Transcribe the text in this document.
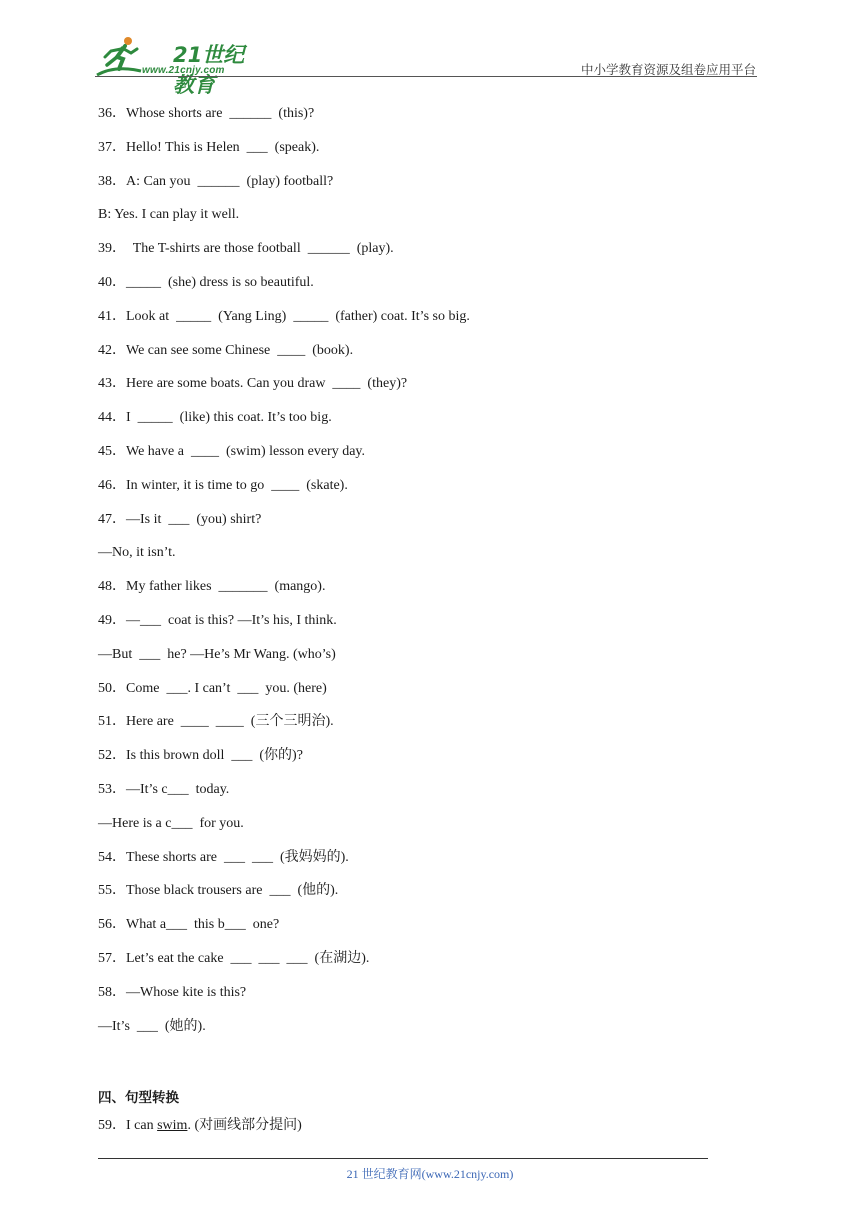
21世纪教育
www.21cnjy.com	中小学教育资源及组卷应用平台
36．Whose shorts are  ______  (this)?
37．Hello! This is Helen  ___  (speak).
38．A: Can you  ______  (play) football?
B: Yes. I can play it well.
39．  The T-shirts are those football  ______  (play).
40．_____  (she) dress is so beautiful.
41．Look at  _____  (Yang Ling)  _____  (father) coat. It’s so big.
42．We can see some Chinese  ____  (book).
43．Here are some boats. Can you draw  ____  (they)?
44．I  _____  (like) this coat. It’s too big.
45．We have a  ____  (swim) lesson every day.
46．In winter, it is time to go  ____  (skate).
47．—Is it  ___  (you) shirt?
—No, it isn’t.
48．My father likes  _______  (mango).
49．—___  coat is this? —It’s his, I think.
—But  ___  he? —He’s Mr Wang. (who’s)
50．Come  ___. I can’t  ___  you. (here)
51．Here are  ____  ____  (三个三明治).
52．Is this brown doll  ___  (你的)?
53．—It’s c___  today.
—Here is a c___  for you.
54．These shorts are  ___  ___  (我妈妈的).
55．Those black trousers are  ___  (他的).
56．What a___  this b___  one?
57．Let’s eat the cake  ___  ___  ___  (在湖边).
58．—Whose kite is this?
—It’s  ___  (她的).
四、句型转换
59．I can swim. (对画线部分提问)
21 世纪教育网(www.21cnjy.com)
